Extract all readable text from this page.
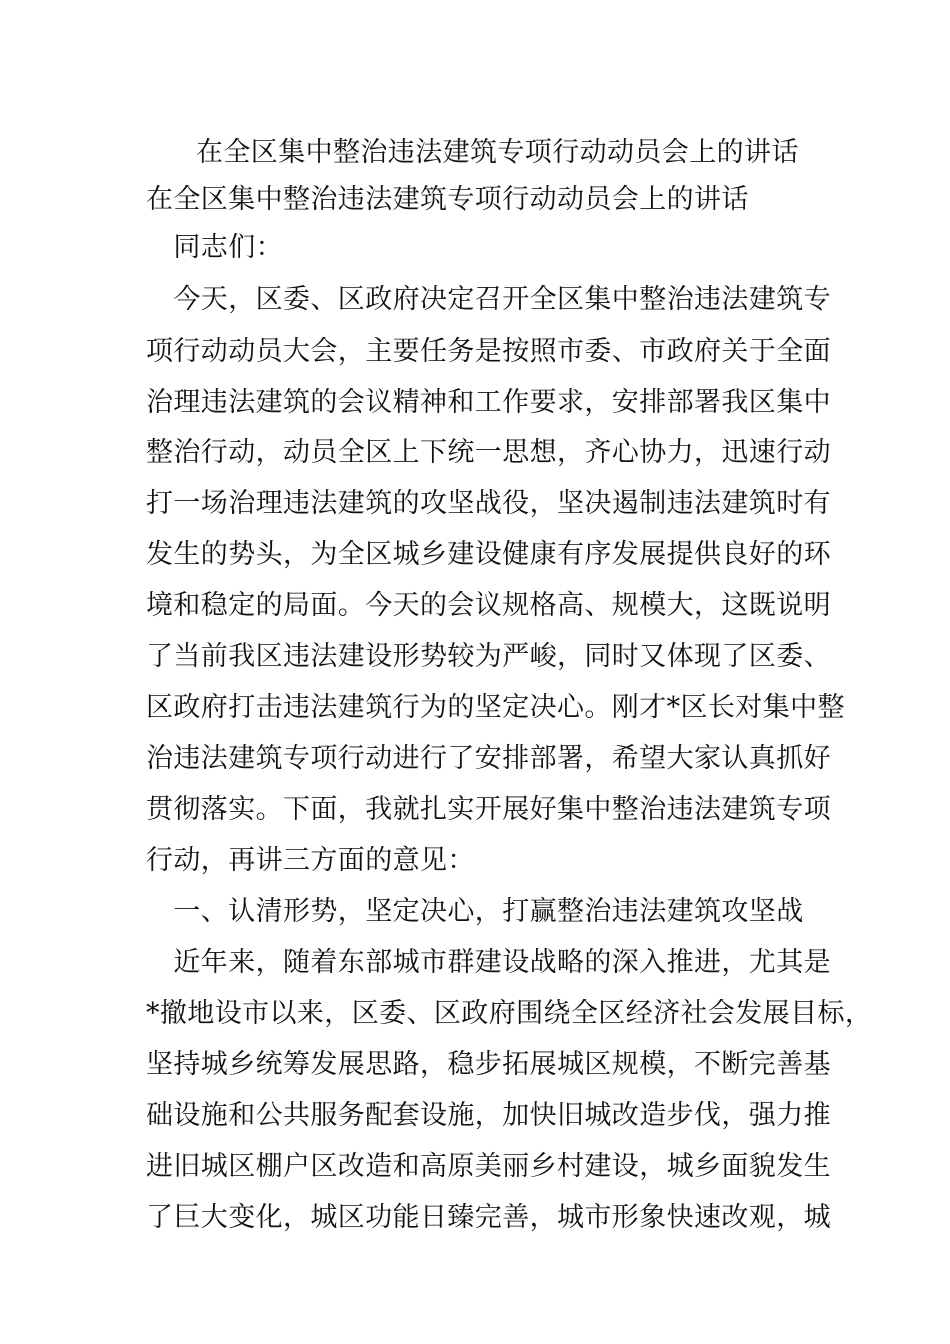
在全区集中整治违法建筑专项行动动员会上的讲话
在全区集中整治违法建筑专项行动动员会上的讲话
　同志们：
　今天，区委、区政府决定召开全区集中整治违法建筑专
项行动动员大会，主要任务是按照市委、市政府关于全面
治理违法建筑的会议精神和工作要求，安排部署我区集中
整治行动，动员全区上下统一思想，齐心协力，迅速行动
打一场治理违法建筑的攻坚战役，坚决遏制违法建筑时有
发生的势头，为全区城乡建设健康有序发展提供良好的环
境和稳定的局面。今天的会议规格高、规模大，这既说明
了当前我区违法建设形势较为严峻，同时又体现了区委、
区政府打击违法建筑行为的坚定决心。刚才*区长对集中整
治违法建筑专项行动进行了安排部署，希望大家认真抓好
贯彻落实。下面，我就扎实开展好集中整治违法建筑专项
行动，再讲三方面的意见：
　一、认清形势，坚定决心，打赢整治违法建筑攻坚战
　近年来，随着东部城市群建设战略的深入推进，尤其是
*撤地设市以来，区委、区政府围绕全区经济社会发展目标，
坚持城乡统筹发展思路，稳步拓展城区规模，不断完善基
础设施和公共服务配套设施，加快旧城改造步伐，强力推
进旧城区棚户区改造和高原美丽乡村建设，城乡面貌发生
了巨大变化，城区功能日臻完善，城市形象快速改观，城
